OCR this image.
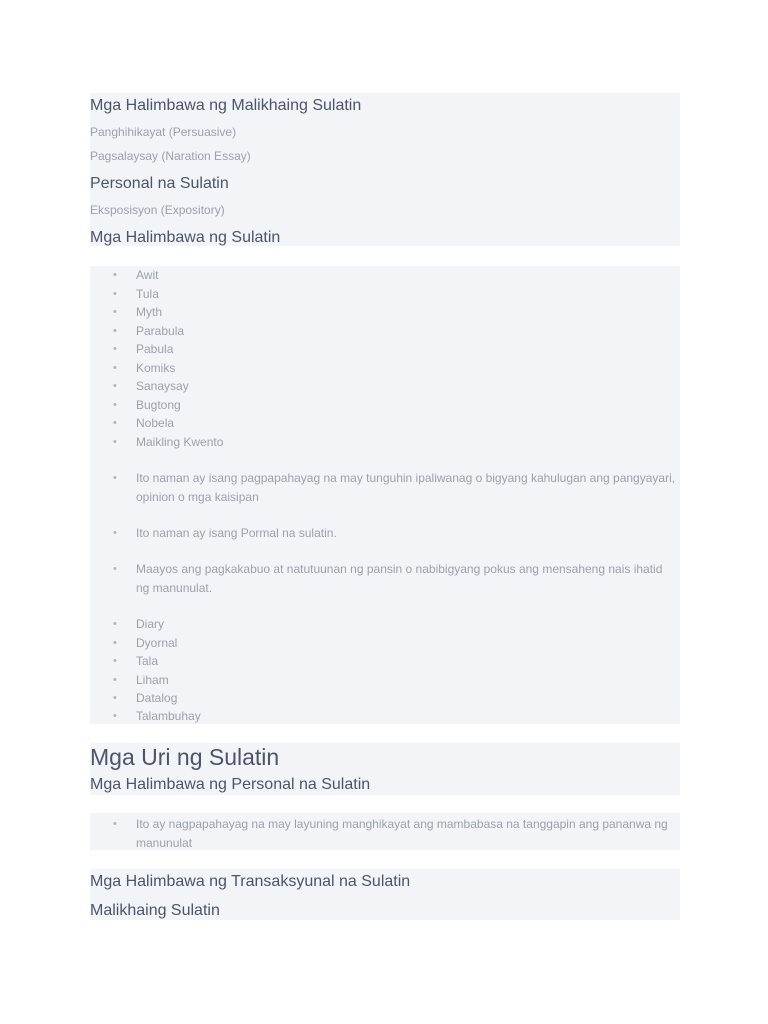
Mga Halimbawa ng Malikhaing Sulatin
Panghihikayat (Persuasive)
Pagsalaysay (Naration Essay)
Personal na Sulatin
Eksposisyon (Expository)
Mga Halimbawa ng Sulatin
• Awit
• Tula
• Myth
• Parabula
• Pabula
• Komiks
• Sanaysay
• Bugtong
• Nobela
• Maikling Kwento
• Ito naman ay isang pagpapahayag na may tunguhin ipaliwanag o bigyang kahulugan ang pangyayari, opinion o mga kaisipan
• Ito naman ay isang Pormal na sulatin.
• Maayos ang pagkakabuo at natutuunan ng pansin o nabibigyang pokus ang mensaheng nais ihatid ng manunulat.
• Diary
• Dyornal
• Tala
• Liham
• Datalog
• Talambuhay
Mga Uri ng Sulatin
Mga Halimbawa ng Personal na Sulatin
• Ito ay nagpapahayag na may layuning manghikayat ang mambabasa na tanggapin ang pananwa ng manunulat
Mga Halimbawa ng Transaksyunal na Sulatin
Malikhaing Sulatin
